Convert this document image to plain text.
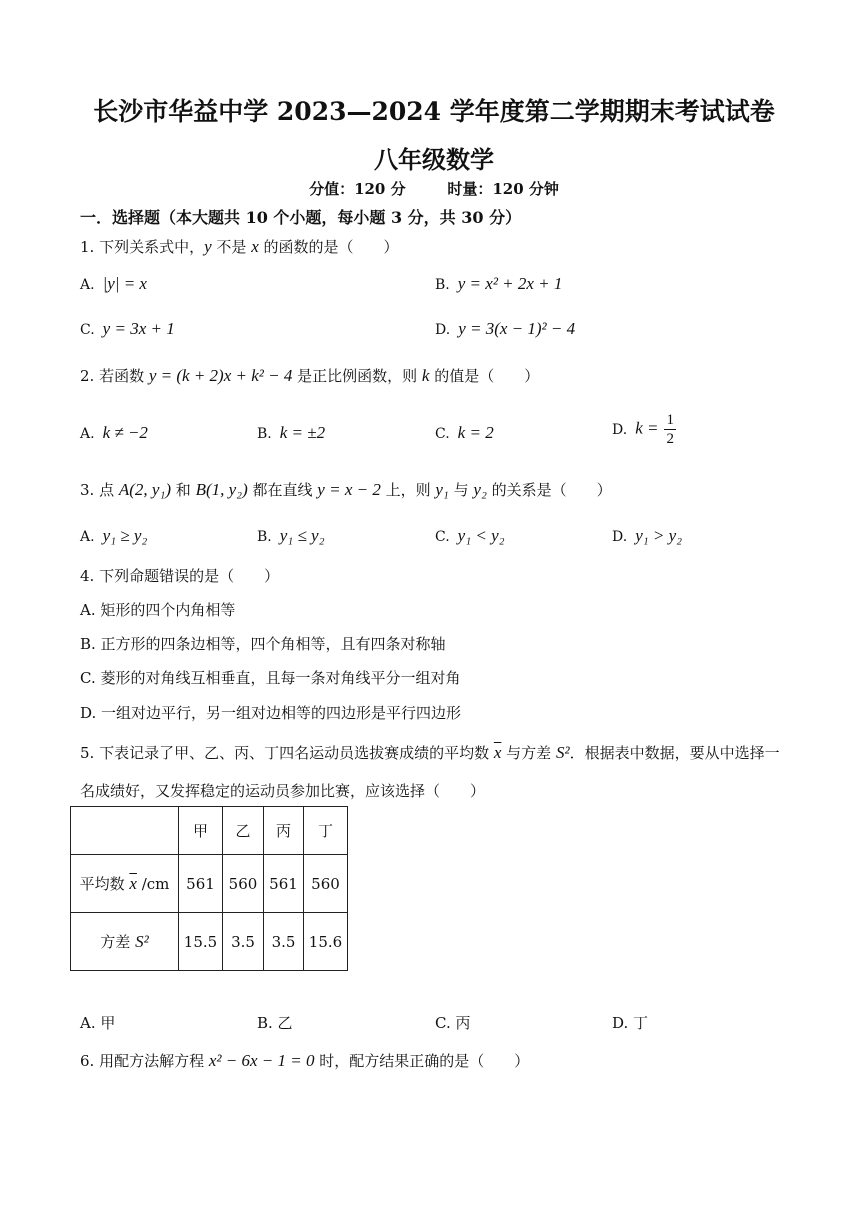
长沙市华益中学 2023—2024 学年度第二学期期末考试试卷
八年级数学
分值：120 分        时量：120 分钟
一．选择题（本大题共 10 个小题，每小题 3 分，共 30 分）
1. 下列关系式中，y 不是 x 的函数的是（　　）
A. |y| = x	B. y = x² + 2x + 1
C. y = 3x + 1	D. y = 3(x − 1)² − 4
2. 若函数 y = (k + 2)x + k² − 4 是正比例函数，则 k 的值是（　　）
A. k ≠ −2	B. k = ±2	C. k = 2	D. $k = \frac{1}{2}$
3. 点 A(2, y₁) 和 B(1, y₂) 都在直线 y = x − 2 上，则 y₁ 与 y₂ 的关系是（　　）
A. y₁ ≥ y₂	B. y₁ ≤ y₂	C. y₁ < y₂	D. y₁ > y₂
4. 下列命题错误的是（　　）
A. 矩形的四个内角相等
B. 正方形的四条边相等，四个角相等，且有四条对称轴
C. 菱形的对角线互相垂直，且每一条对角线平分一组对角
D. 一组对边平行，另一组对边相等的四边形是平行四边形
5. 下表记录了甲、乙、丙、丁四名运动员选拔赛成绩的平均数 $\overline{x}$ 与方差 S²．根据表中数据，要从中选择一
名成绩好，又发挥稳定的运动员参加比赛，应该选择（　　）
	甲	乙	丙	丁
平均数 $\overline{x}$ /cm	561	560	561	560
方差 S²	15.5	3.5	3.5	15.6
A. 甲	B. 乙	C. 丙	D. 丁
6. 用配方法解方程 x² − 6x − 1 = 0 时，配方结果正确的是（　　）
